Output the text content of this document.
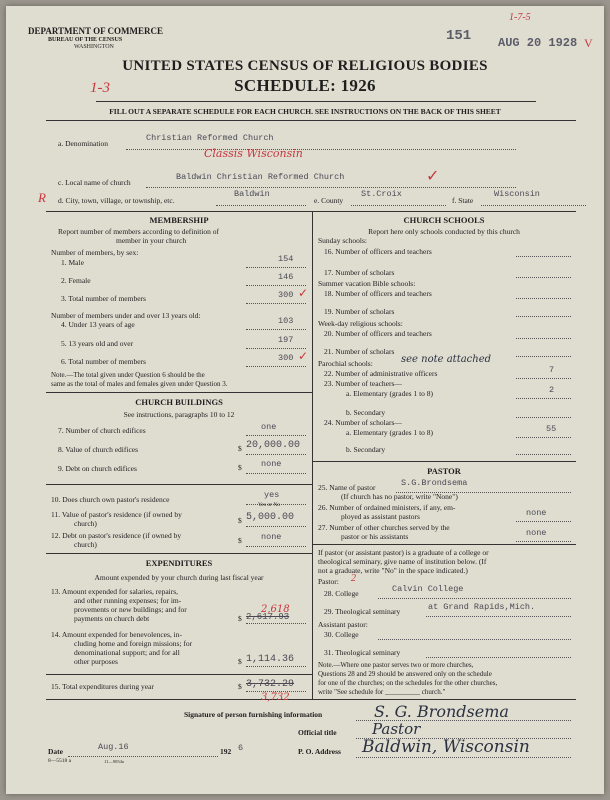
DEPARTMENT OF COMMERCE
BUREAU OF THE CENSUS
WASHINGTON
151 AUG 20 1928
1-7-5
V
UNITED STATES CENSUS OF RELIGIOUS BODIES
SCHEDULE: 1926
1-3
FILL OUT A SEPARATE SCHEDULE FOR EACH CHURCH. SEE INSTRUCTIONS ON THE BACK OF THIS SHEET
a. Denomination
Christian Reformed Church
Classis Wisconsin
c. Local name of church
Baldwin Christian Reformed Church	✓
R d. City, town, village, or township, etc.
Baldwin
e. County
St.Croix
f. State
Wisconsin
MEMBERSHIP
Report number of members according to definition of
member in your church
Number of members, by sex:
1. Male	154
2. Female	146
3. Total number of members	300 ✓
Number of members under and over 13 years old:
4. Under 13 years of age	103
5. 13 years old and over	197
6. Total number of members	300 ✓
Note.—The total given under Question 6 should be the
same as the total of males and females given under Question 3.
CHURCH BUILDINGS
See instructions, paragraphs 10 to 12
7. Number of church edifices	one
8. Value of church edifices	$ 20,000.00
9. Debt on church edifices	$ none
10. Does church own pastor's residence	yes
Yes or No
11. Value of pastor's residence (if owned by
church)	$ 5,000.00
12. Debt on pastor's residence (if owned by
church)	$ none
EXPENDITURES
Amount expended by your church during last fiscal year
13. Amount expended for salaries, repairs,
and other running expenses; for im-
provements or new buildings; and for
payments on church debt
2,618
$ 2,617.93
14. Amount expended for benevolences, in-
cluding home and foreign missions; for
denominational support; and for all
other purposes	$ 1,114.36
15. Total expenditures during year	$ 3,732.29
3,732
CHURCH SCHOOLS
Report here only schools conducted by this church
Sunday schools:
16. Number of officers and teachers
17. Number of scholars
Summer vacation Bible schools:
18. Number of officers and teachers
19. Number of scholars
Week-day religious schools:
20. Number of officers and teachers
21. Number of scholars
Parochial schools:	see note attached
22. Number of administrative officers	7
23. Number of teachers—
a. Elementary (grades 1 to 8)	2
b. Secondary
24. Number of scholars—
a. Elementary (grades 1 to 8)	55
b. Secondary
PASTOR
25. Name of pastor	S.G.Brondsema
(If church has no pastor, write "None")
26. Number of ordained ministers, if any, em-
ployed as assistant pastors	none
27. Number of other churches served by the
pastor or his assistants	none
If pastor (or assistant pastor) is a graduate of a college or
theological seminary, give name of institution below. (If
not a graduate, write "No" in the space indicated.)
Pastor: 2
28. College	Calvin College
29. Theological seminary	at Grand Rapids,Mich.
Assistant pastor:
30. College
31. Theological seminary
Note.—Where one pastor serves two or more churches,
Questions 28 and 29 should be answered only on the schedule
for one of the churches; on the schedules for the other churches,
write "See schedule for __________ church."
Signature of person furnishing information	S. G. Brondsema
Official title Pastor
Date	Aug.16	192 6	P. O. Address Baldwin, Wisconsin
8—5518 a	11—9054a
